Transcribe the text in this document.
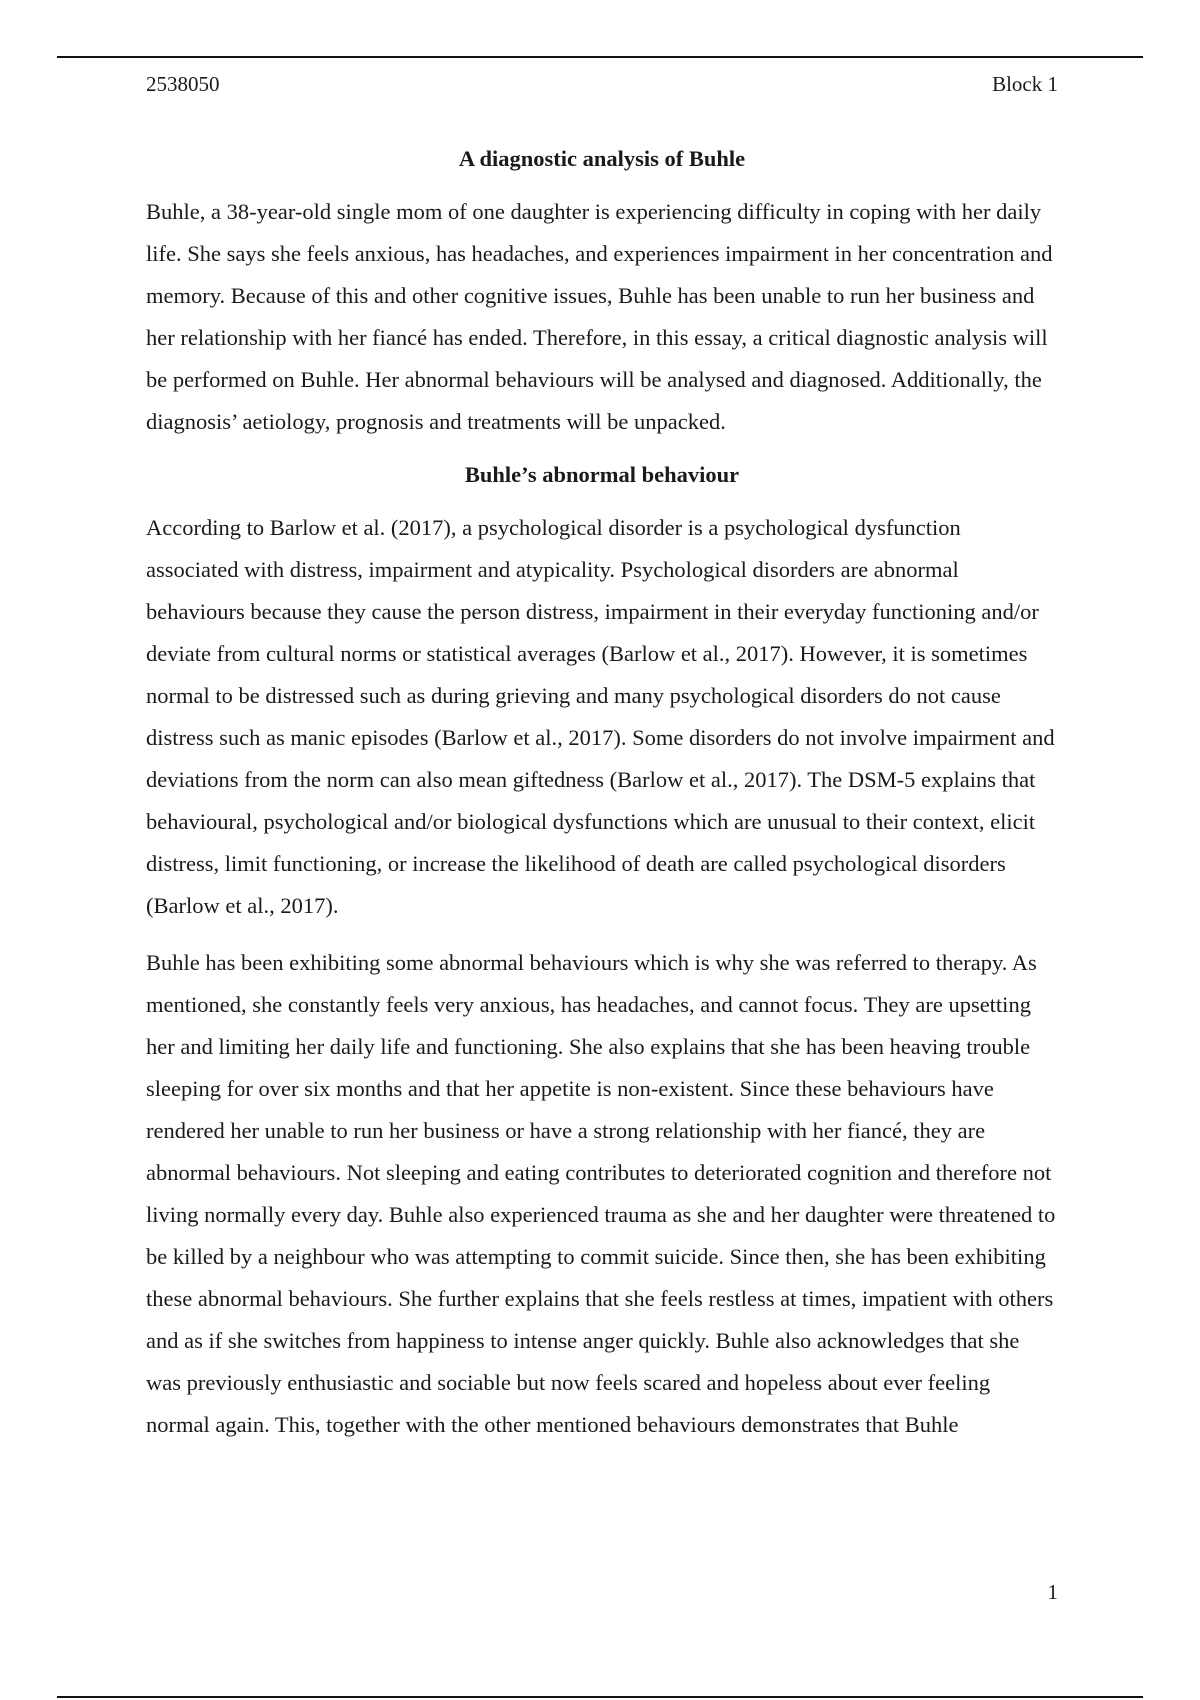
2538050	Block 1
A diagnostic analysis of Buhle

Buhle, a 38-year-old single mom of one daughter is experiencing difficulty in coping with her daily life. She says she feels anxious, has headaches, and experiences impairment in her concentration and memory. Because of this and other cognitive issues, Buhle has been unable to run her business and her relationship with her fiancé has ended. Therefore, in this essay, a critical diagnostic analysis will be performed on Buhle. Her abnormal behaviours will be analysed and diagnosed. Additionally, the diagnosis’ aetiology, prognosis and treatments will be unpacked.

Buhle’s abnormal behaviour

According to Barlow et al. (2017), a psychological disorder is a psychological dysfunction associated with distress, impairment and atypicality. Psychological disorders are abnormal behaviours because they cause the person distress, impairment in their everyday functioning and/or deviate from cultural norms or statistical averages (Barlow et al., 2017). However, it is sometimes normal to be distressed such as during grieving and many psychological disorders do not cause distress such as manic episodes (Barlow et al., 2017). Some disorders do not involve impairment and deviations from the norm can also mean giftedness (Barlow et al., 2017). The DSM-5 explains that behavioural, psychological and/or biological dysfunctions which are unusual to their context, elicit distress, limit functioning, or increase the likelihood of death are called psychological disorders (Barlow et al., 2017).

Buhle has been exhibiting some abnormal behaviours which is why she was referred to therapy. As mentioned, she constantly feels very anxious, has headaches, and cannot focus. They are upsetting her and limiting her daily life and functioning. She also explains that she has been heaving trouble sleeping for over six months and that her appetite is non-existent. Since these behaviours have rendered her unable to run her business or have a strong relationship with her fiancé, they are abnormal behaviours. Not sleeping and eating contributes to deteriorated cognition and therefore not living normally every day. Buhle also experienced trauma as she and her daughter were threatened to be killed by a neighbour who was attempting to commit suicide. Since then, she has been exhibiting these abnormal behaviours. She further explains that she feels restless at times, impatient with others and as if she switches from happiness to intense anger quickly. Buhle also acknowledges that she was previously enthusiastic and sociable but now feels scared and hopeless about ever feeling normal again. This, together with the other mentioned behaviours demonstrates that Buhle

1
